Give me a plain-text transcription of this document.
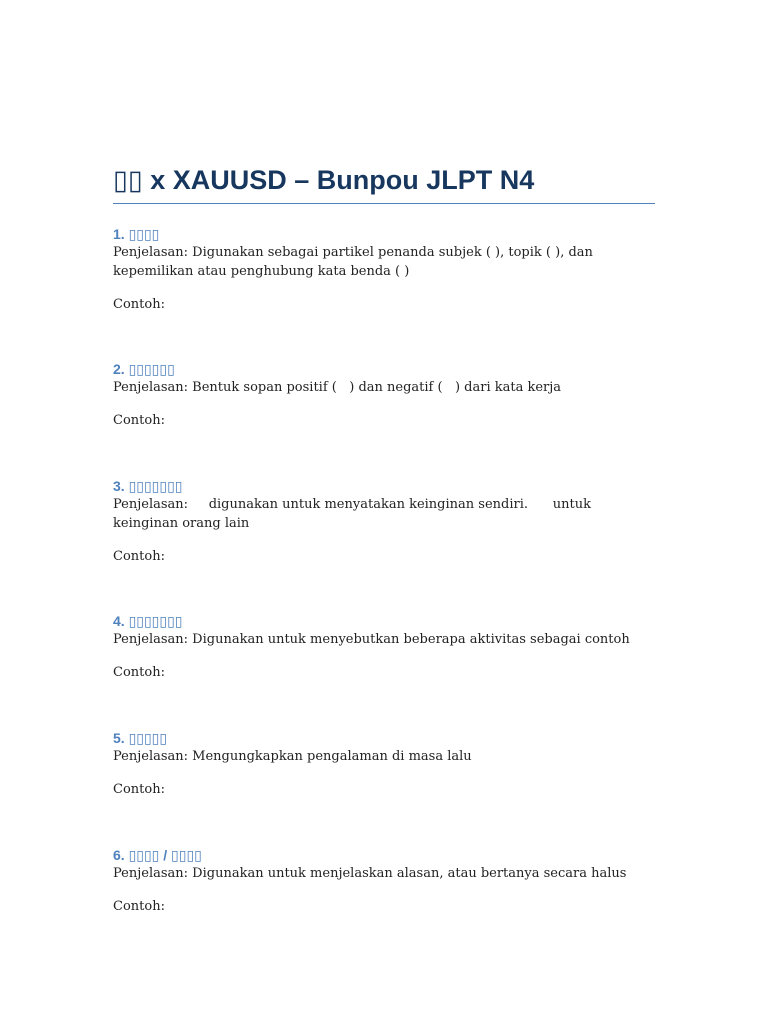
▯▯ x XAUUSD – Bunpou JLPT N4
1. ▯▯▯▯

Penjelasan: Digunakan sebagai partikel penanda subjek ( ), topik ( ), dan kepemilikan atau penghubung kata benda ( )

Contoh:

2. ▯▯▯▯▯▯

Penjelasan: Bentuk sopan positif (   ) dan negatif (   ) dari kata kerja

Contoh:

3. ▯▯▯▯▯▯▯

Penjelasan:     digunakan untuk menyatakan keinginan sendiri.      untuk keinginan orang lain

Contoh:

4. ▯▯▯▯▯▯▯

Penjelasan: Digunakan untuk menyebutkan beberapa aktivitas sebagai contoh

Contoh:

5. ▯▯▯▯▯

Penjelasan: Mengungkapkan pengalaman di masa lalu

Contoh:

6. ▯▯▯▯ / ▯▯▯▯

Penjelasan: Digunakan untuk menjelaskan alasan, atau bertanya secara halus

Contoh:
